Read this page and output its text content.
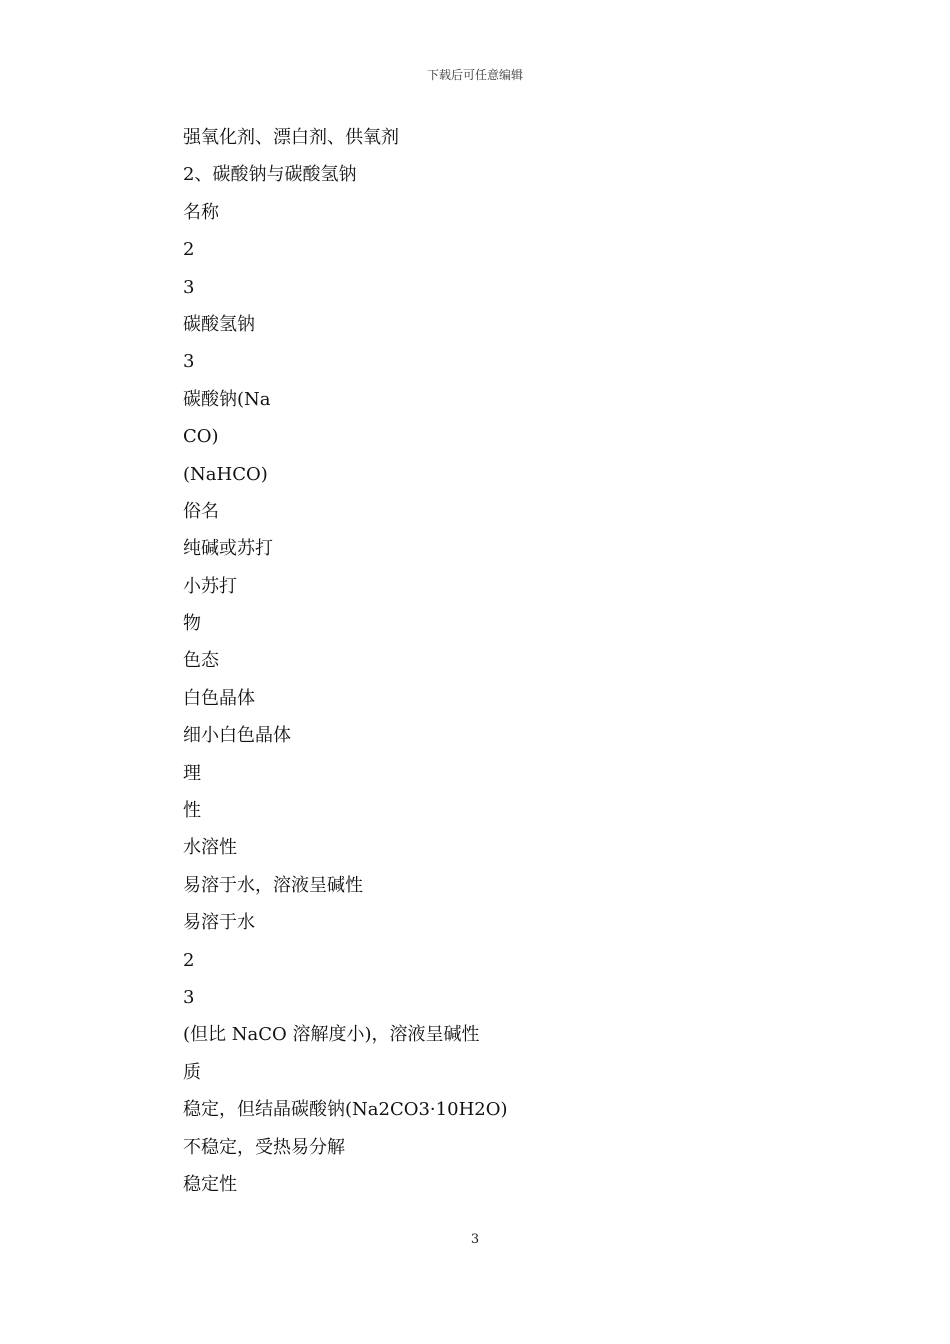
下载后可任意编辑
强氧化剂、漂白剂、供氧剂
2、碳酸钠与碳酸氢钠
名称
2
3
碳酸氢钠
3
碳酸钠(Na
CO)
(NaHCO)
俗名
纯碱或苏打
小苏打
物
色态
白色晶体
细小白色晶体
理
性
水溶性
易溶于水，溶液呈碱性
易溶于水
2
3
(但比 NaCO 溶解度小)，溶液呈碱性
质
稳定，但结晶碳酸钠(Na2CO3·10H2O)
不稳定，受热易分解
稳定性
3
